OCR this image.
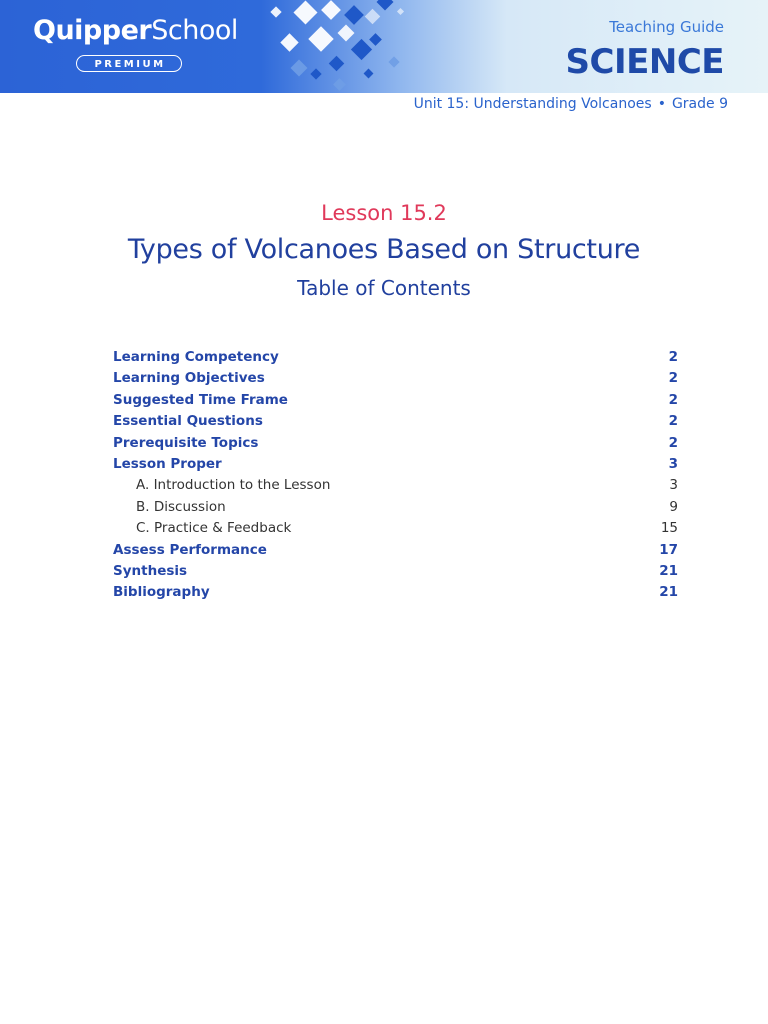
QuipperSchool
PREMIUM
Teaching Guide
SCIENCE
Unit 15: Understanding Volcanoes • Grade 9
Lesson 15.2
Types of Volcanoes Based on Structure
Table of Contents
Learning Competency	2
Learning Objectives	2
Suggested Time Frame	2
Essential Questions	2
Prerequisite Topics	2
Lesson Proper	3
A. Introduction to the Lesson	3
B. Discussion	9
C. Practice & Feedback	15
Assess Performance	17
Synthesis	21
Bibliography	21
